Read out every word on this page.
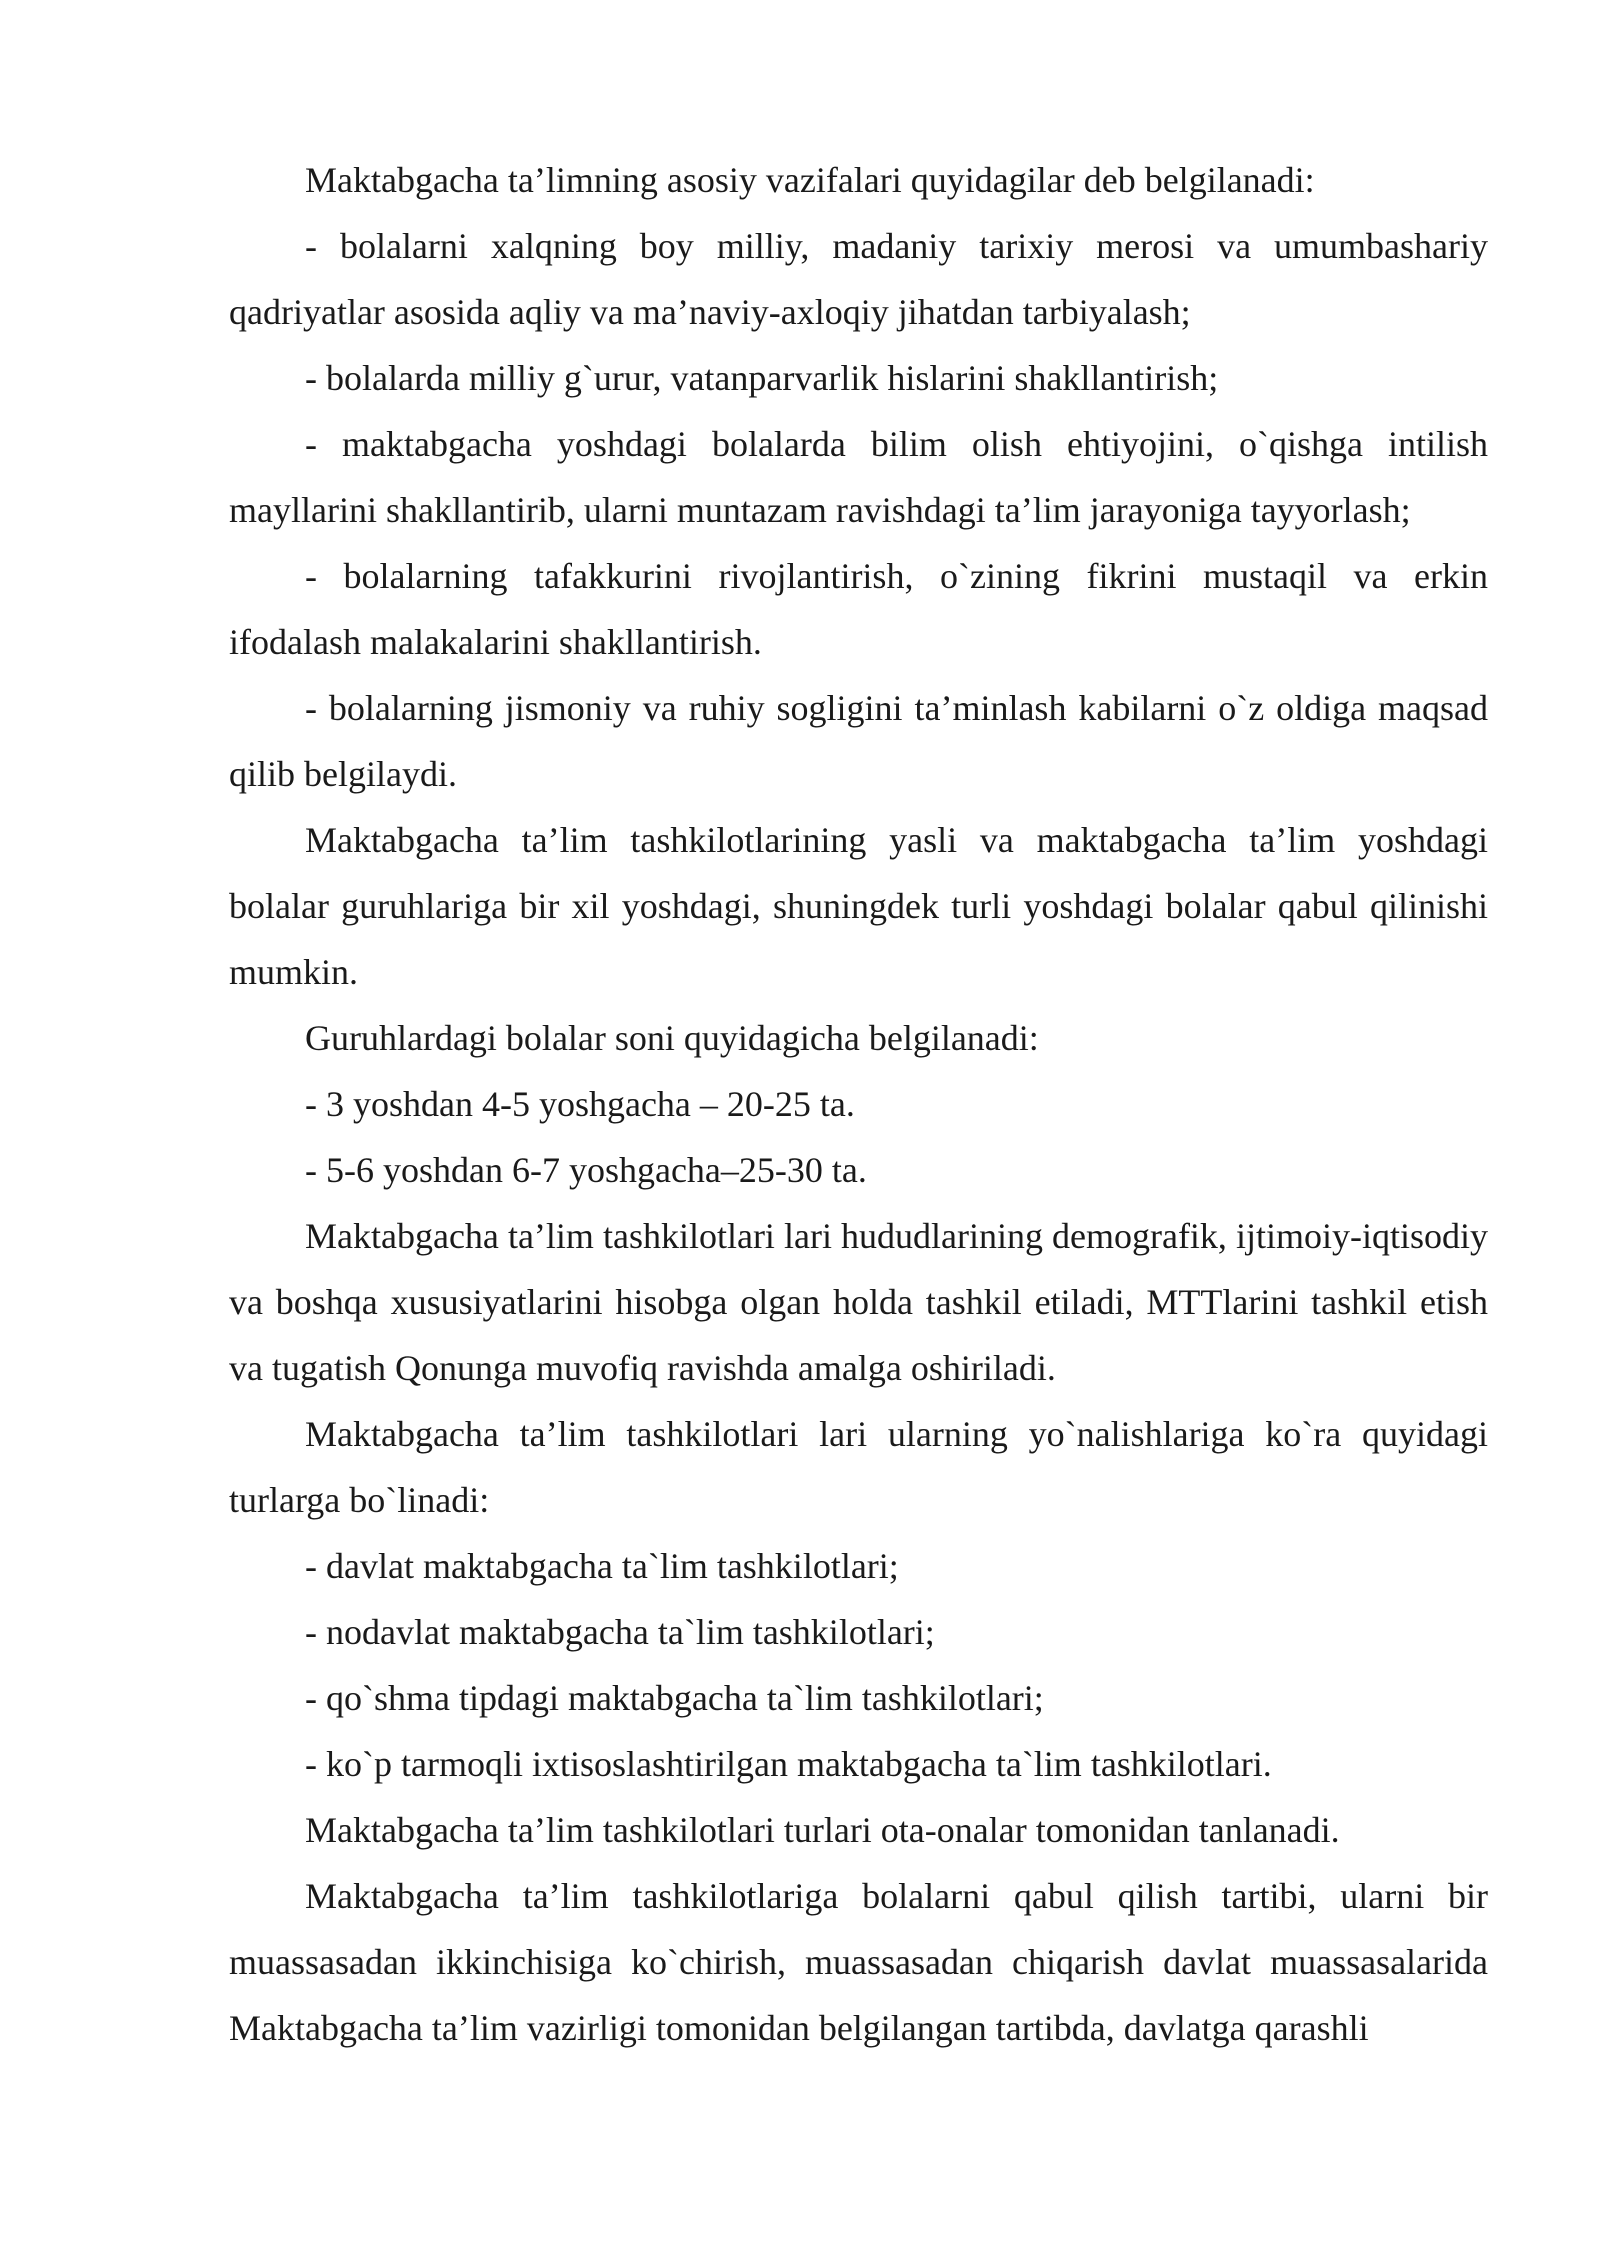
Maktabgacha ta’limning asosiy vazifalari quyidagilar deb belgilanadi:

- bolalarni xalqning boy milliy, madaniy tarixiy merosi va umumbashariy qadriyatlar asosida aqliy va ma’naviy-axloqiy jihatdan tarbiyalash;

- bolalarda milliy g`urur, vatanparvarlik hislarini shakllantirish;

- maktabgacha yoshdagi bolalarda bilim olish ehtiyojini, o`qishga intilish mayllarini shakllantirib, ularni muntazam ravishdagi ta’lim jarayoniga tayyorlash;

- bolalarning tafakkurini rivojlantirish, o`zining fikrini mustaqil va erkin ifodalash malakalarini shakllantirish.

- bolalarning jismoniy va ruhiy sogligini ta’minlash kabilarni o`z oldiga maqsad qilib belgilaydi.

Maktabgacha ta’lim tashkilotlarining yasli va maktabgacha ta’lim yoshdagi bolalar guruhlariga bir xil yoshdagi, shuningdek turli yoshdagi bolalar qabul qilinishi mumkin.

Guruhlardagi bolalar soni quyidagicha belgilanadi:

- 3 yoshdan 4-5 yoshgacha – 20-25 ta.

- 5-6 yoshdan 6-7 yoshgacha–25-30 ta.

Maktabgacha ta’lim tashkilotlari lari hududlarining demografik, ijtimoiy-iqtisodiy va boshqa xususiyatlarini hisobga olgan holda tashkil etiladi, MTTlarini tashkil etish va tugatish Qonunga muvofiq ravishda amalga oshiriladi.

Maktabgacha ta’lim tashkilotlari lari ularning yo`nalishlariga ko`ra quyidagi turlarga bo`linadi:

- davlat maktabgacha ta`lim tashkilotlari;

- nodavlat maktabgacha ta`lim tashkilotlari;

- qo`shma tipdagi maktabgacha ta`lim tashkilotlari;

- ko`p tarmoqli ixtisoslashtirilgan maktabgacha ta`lim tashkilotlari.

Maktabgacha ta’lim tashkilotlari turlari ota-onalar tomonidan tanlanadi.

Maktabgacha ta’lim tashkilotlariga bolalarni qabul qilish tartibi, ularni bir muassasadan ikkinchisiga ko`chirish, muassasadan chiqarish davlat muassasalarida Maktabgacha ta’lim vazirligi tomonidan belgilangan tartibda, davlatga qarashli
